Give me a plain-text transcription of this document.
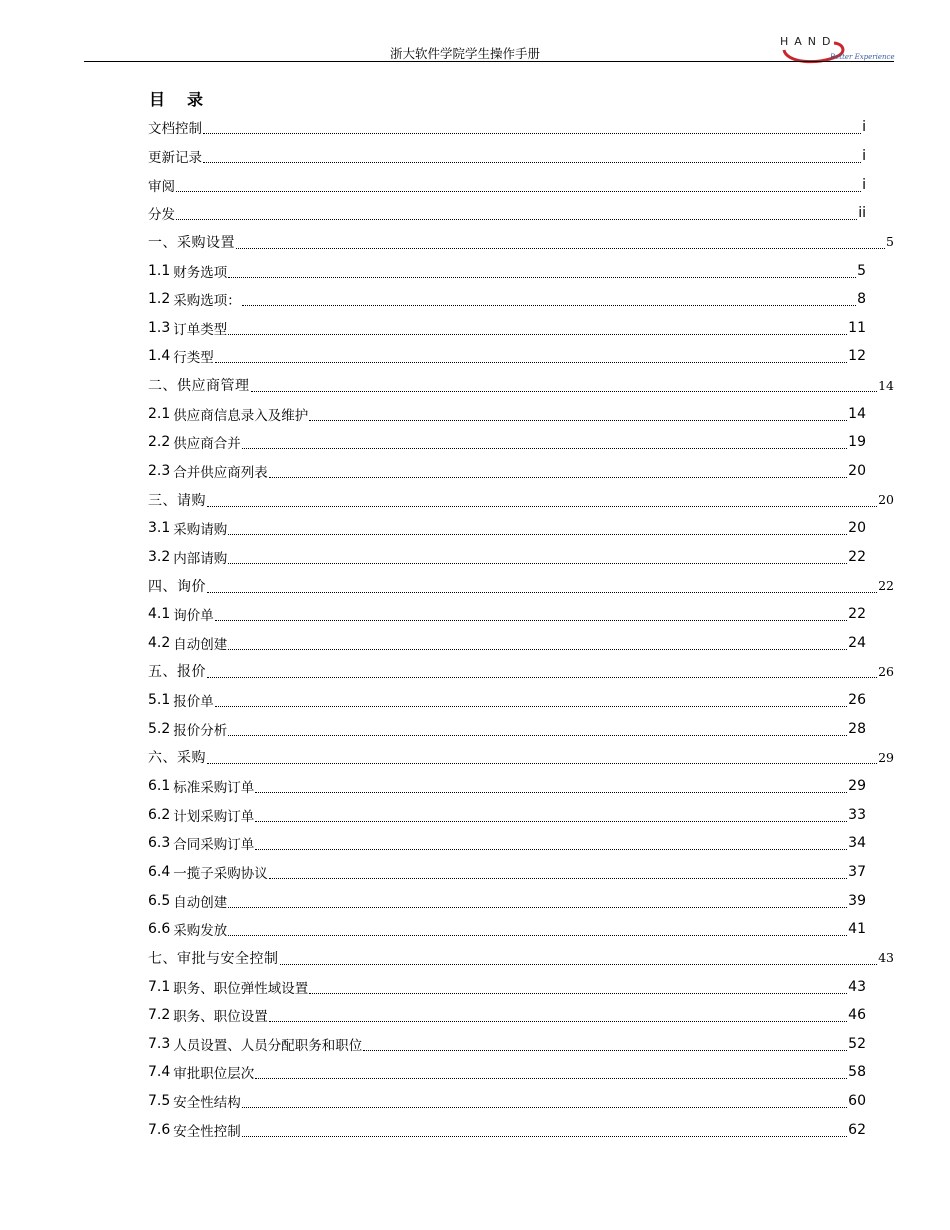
浙大软件学院学生操作手册
HAND
Better Experience
目 录
文档控制	i
更新记录	i
审阅	i
分发	ii
一、采购设置	5
1.1 财务选项	5
1.2 采购选项：	8
1.3 订单类型	11
1.4 行类型	12
二、供应商管理	14
2.1 供应商信息录入及维护	14
2.2 供应商合并	19
2.3 合并供应商列表	20
三、请购	20
3.1 采购请购	20
3.2 内部请购	22
四、询价	22
4.1 询价单	22
4.2 自动创建	24
五、报价	26
5.1 报价单	26
5.2 报价分析	28
六、采购	29
6.1 标准采购订单	29
6.2 计划采购订单	33
6.3 合同采购订单	34
6.4 一揽子采购协议	37
6.5 自动创建	39
6.6 采购发放	41
七、审批与安全控制	43
7.1 职务、职位弹性域设置	43
7.2 职务、职位设置	46
7.3 人员设置、人员分配职务和职位	52
7.4 审批职位层次	58
7.5 安全性结构	60
7.6 安全性控制	62
